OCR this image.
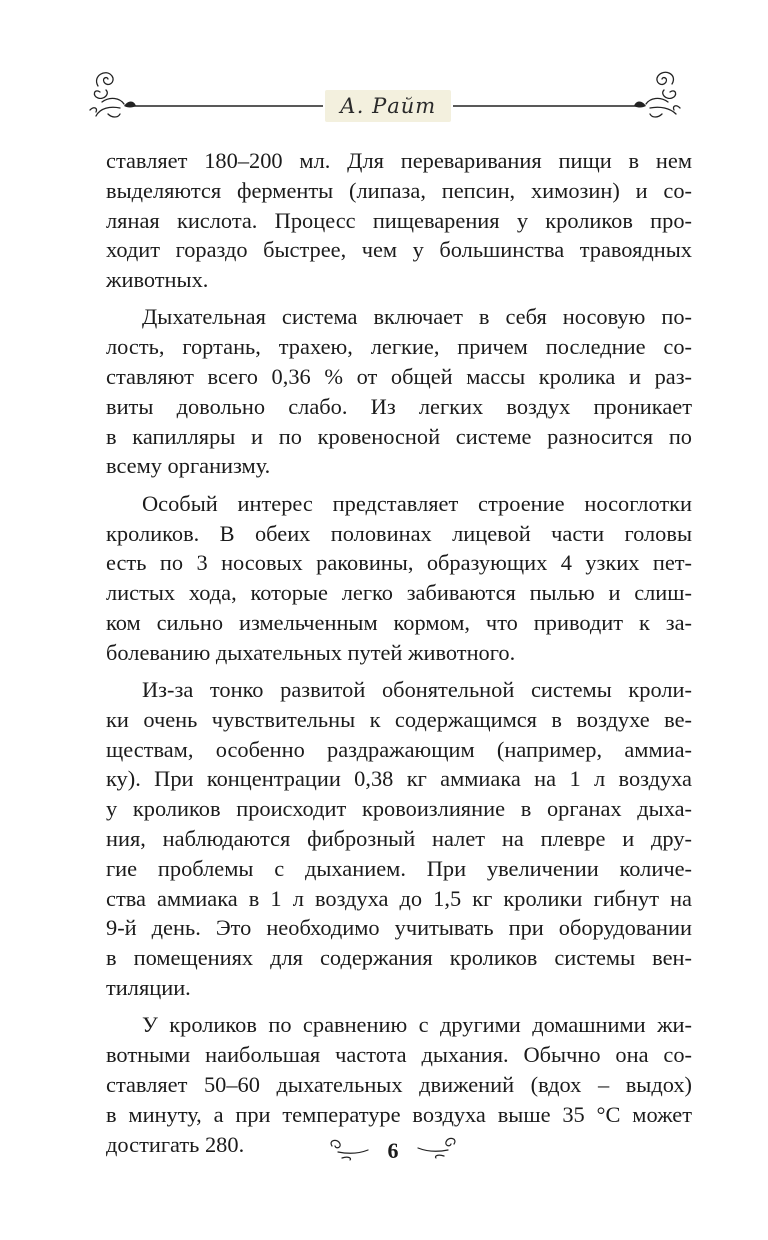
А. Райт

ставляет 180–200 мл. Для переваривания пищи в нем
выделяются ферменты (липаза, пепсин, химозин) и со-
ляная кислота. Процесс пищеварения у кроликов про-
ходит гораздо быстрее, чем у большинства травоядных
животных.

Дыхательная система включает в себя носовую по-
лость, гортань, трахею, легкие, причем последние со-
ставляют всего 0,36 % от общей массы кролика и раз-
виты довольно слабо. Из легких воздух проникает
в капилляры и по кровеносной системе разносится по
всему организму.

Особый интерес представляет строение носоглотки
кроликов. В обеих половинах лицевой части головы
есть по 3 носовых раковины, образующих 4 узких пет-
листых хода, которые легко забиваются пылью и слиш-
ком сильно измельченным кормом, что приводит к за-
болеванию дыхательных путей животного.

Из-за тонко развитой обонятельной системы кроли-
ки очень чувствительны к содержащимся в воздухе ве-
ществам, особенно раздражающим (например, аммиа-
ку). При концентрации 0,38 кг аммиака на 1 л воздуха
у кроликов происходит кровоизлияние в органах дыха-
ния, наблюдаются фиброзный налет на плевре и дру-
гие проблемы с дыханием. При увеличении количе-
ства аммиака в 1 л воздуха до 1,5 кг кролики гибнут на
9-й день. Это необходимо учитывать при оборудовании
в помещениях для содержания кроликов системы вен-
тиляции.

У кроликов по сравнению с другими домашними жи-
вотными наибольшая частота дыхания. Обычно она со-
ставляет 50–60 дыхательных движений (вдох – выдох)
в минуту, а при температуре воздуха выше 35 °С может
достигать 280.	6
